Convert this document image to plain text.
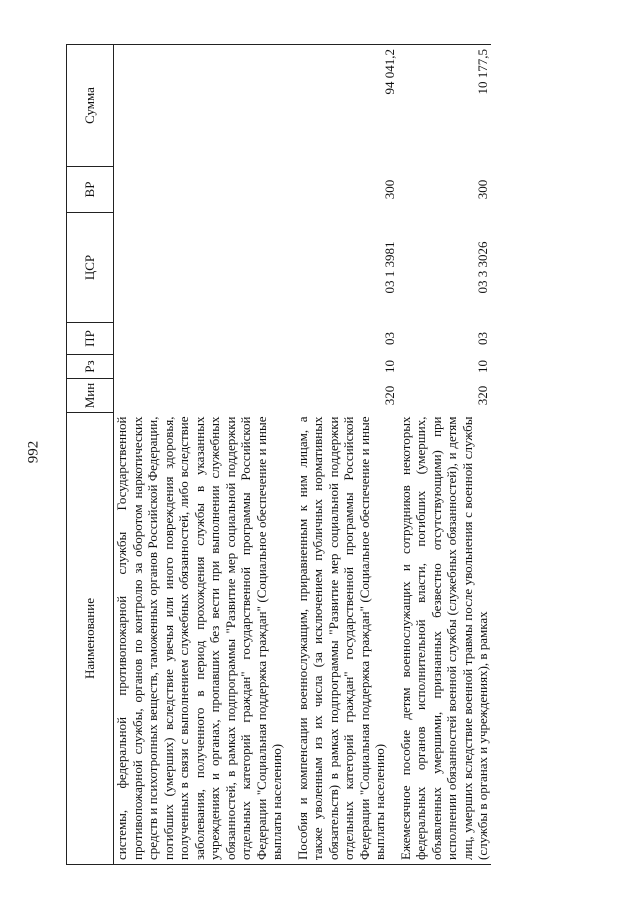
992
Наименование	Мин	Рз	ПР	ЦСР	ВР	Сумма
системы, федеральной противопожарной службы Государственной противопожарной службы, органов по контролю за оборотом наркотических средств и психотропных веществ, таможенных органов Российской Федерации, погибших (умерших) вследствие увечья или иного повреждения здоровья, полученных в связи с выполнением служебных обязанностей, либо вследствие заболевания, полученного в период прохождения службы в указанных учреждениях и органах, пропавших без вести при выполнении служебных обязанностей, в рамках подпрограммы "Развитие мер социальной поддержки отдельных категорий граждан" государственной программы Российской Федерации "Социальная поддержка граждан" (Социальное обеспечение и иные выплаты населению)						
Пособия и компенсации военнослужащим, приравненным к ним лицам, а также уволенным из их числа (за исключением публичных нормативных обязательств) в рамках подпрограммы "Развитие мер социальной поддержки отдельных категорий граждан" государственной программы Российской Федерации "Социальная поддержка граждан" (Социальное обеспечение и иные выплаты населению)	320	10	03	03 1 3981	300	94 041,2
Ежемесячное пособие детям военнослужащих и сотрудников некоторых федеральных органов исполнительной власти, погибших (умерших, объявленных умершими, признанных безвестно отсутствующими) при исполнении обязанностей военной службы (служебных обязанностей), и детям лиц, умерших вследствие военной травмы после увольнения с военной службы (службы в органах и учреждениях), в рамках	320	10	03	03 3 3026	300	10 177,5
